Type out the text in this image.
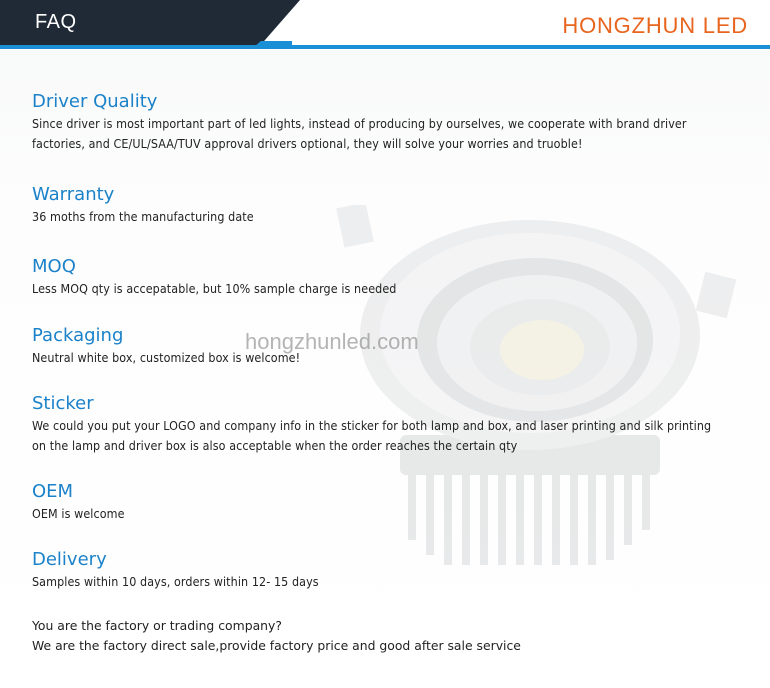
FAQ	HONGZHUN LED
hongzhunled.com
Driver Quality
Since driver is most important part of led lights, instead of producing by ourselves, we cooperate with brand driver
factories, and CE/UL/SAA/TUV approval drivers optional, they will solve your worries and truoble!
Warranty
36 moths from the manufacturing date
MOQ
Less MOQ qty is accepatable, but 10% sample charge is needed
Packaging
Neutral white box, customized box is welcome!
Sticker
We could you put your LOGO and company info in the sticker for both lamp and box, and laser printing and silk printing
on the lamp and driver box is also acceptable when the order reaches the certain qty
OEM
OEM is welcome
Delivery
Samples within 10 days, orders within 12- 15 days
You are the factory or trading company?
We are the factory direct sale,provide factory price and good after sale service
